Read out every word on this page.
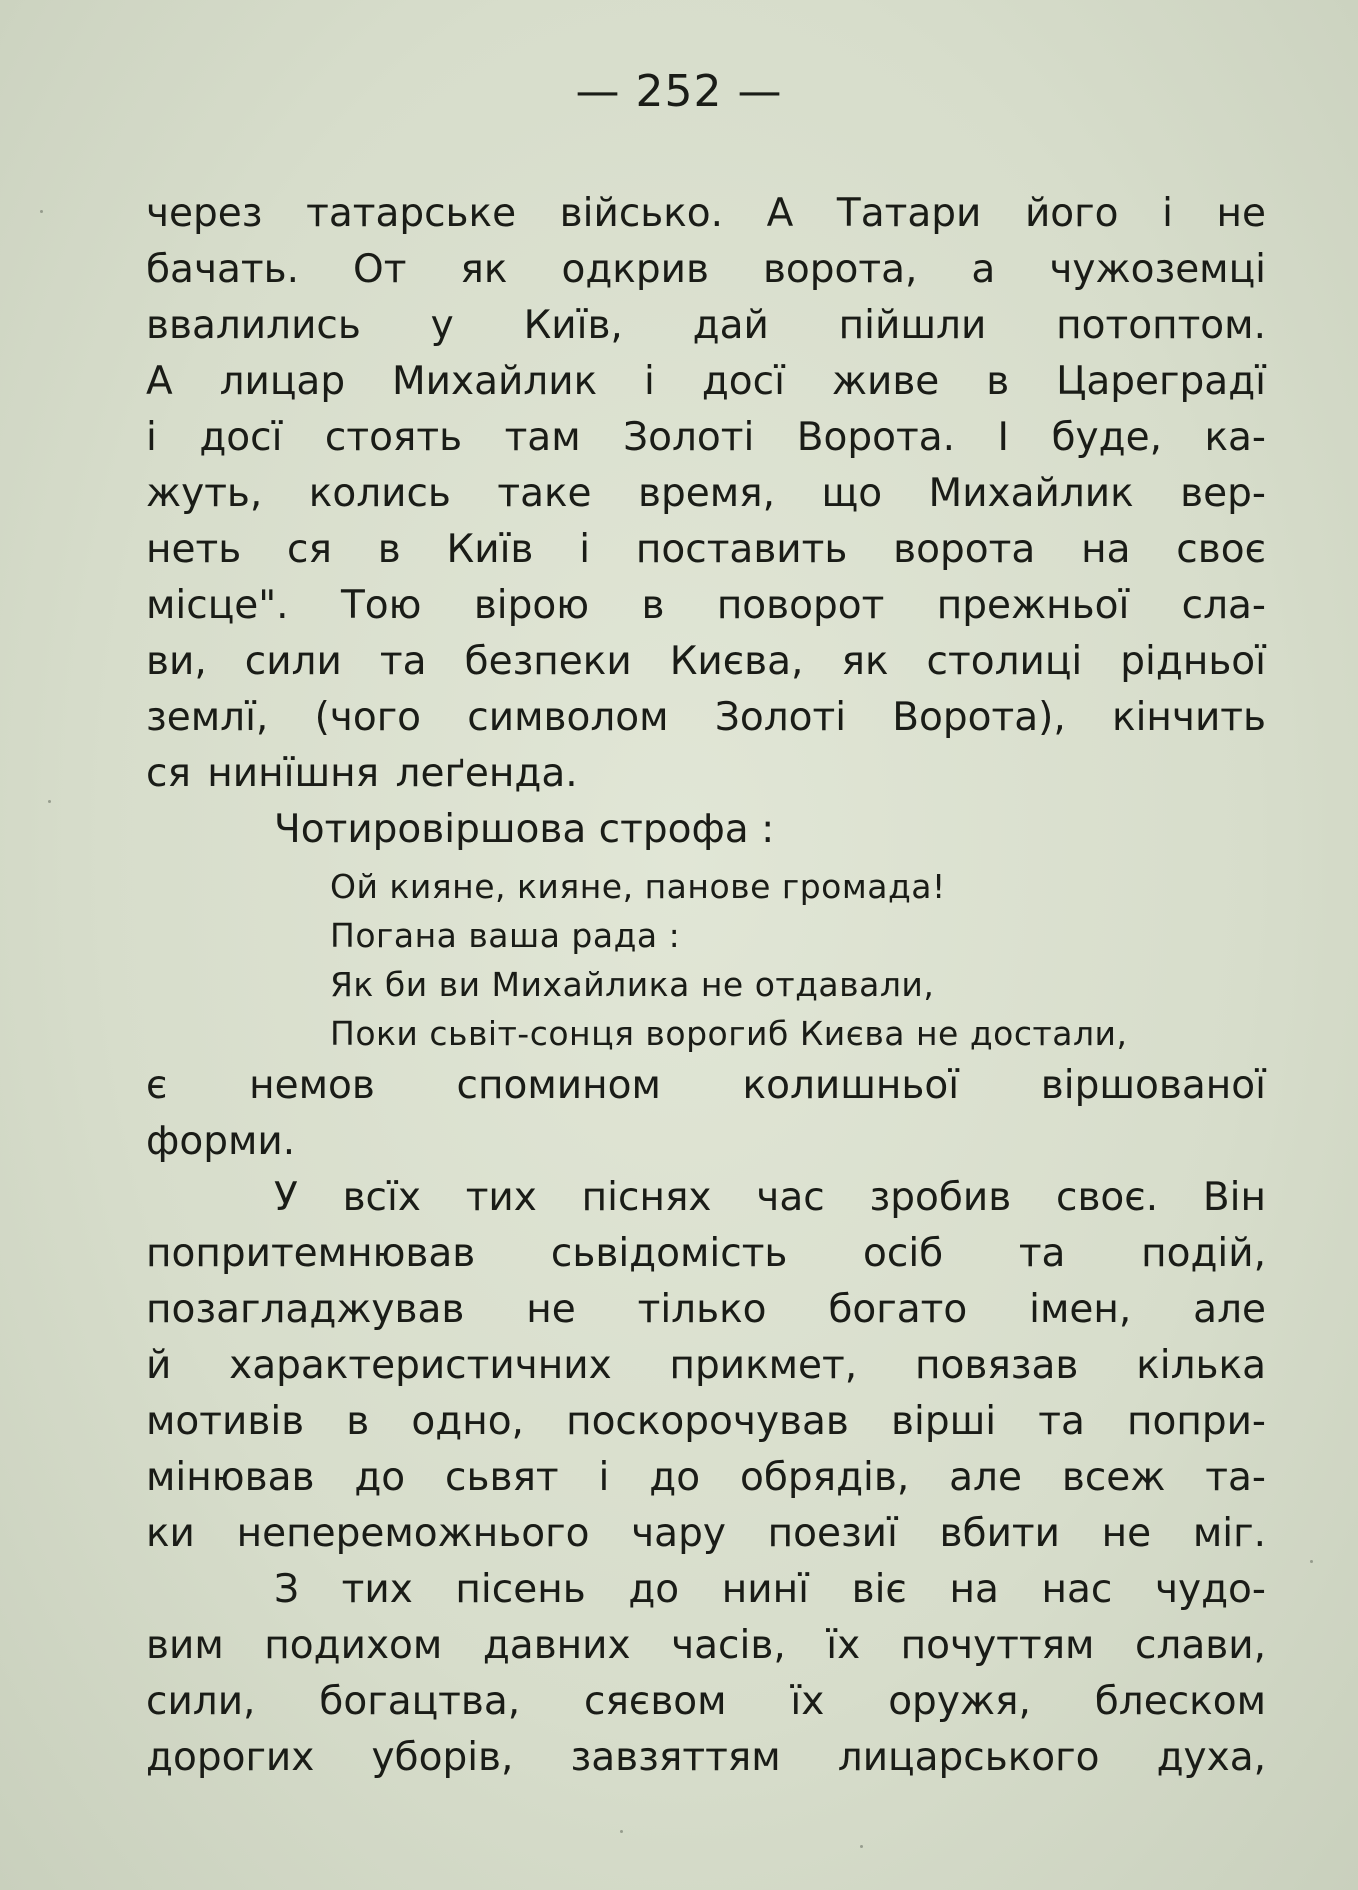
— 252 —
через татарське військо. А Татари його і не
бачать. От як одкрив ворота, а чужоземці
ввалились у Київ, дай пійшли потоптом.
А лицар Михайлик і досї живе в Цареградї
і досї стоять там Золоті Ворота. І буде, ка-
жуть, колись таке время, що Михайлик вер-
неть ся в Київ і поставить ворота на своє
місце". Тою вірою в поворот прежньої сла-
ви, сили та безпеки Києва, як столиці рідньої
землї, (чого символом Золоті Ворота), кінчить
ся нинїшня леґенда.
Чотировіршова строфа :
Ой кияне, кияне, панове громада!
Погана ваша рада :
Як би ви Михайлика не отдавали,
Поки сьвіт-сонця ворогиб Києва не достали,
є немов спомином колишньої віршованої
форми.
У всїх тих піснях час зробив своє. Він
попритемнював сьвідомість осіб та подій,
позагладжував не тілько богато імен, але
й характеристичних прикмет, повязав кілька
мотивів в одно, поскорочував вірші та попри-
мінював до сьвят і до обрядів, але всеж та-
ки непереможнього чару поезиї вбити не міг.
З тих пісень до нинї віє на нас чудо-
вим подихом давних часів, їх почуттям слави,
сили, богацтва, сяєвом їх оружя, блеском
дорогих уборів, завзяттям лицарського духа,
